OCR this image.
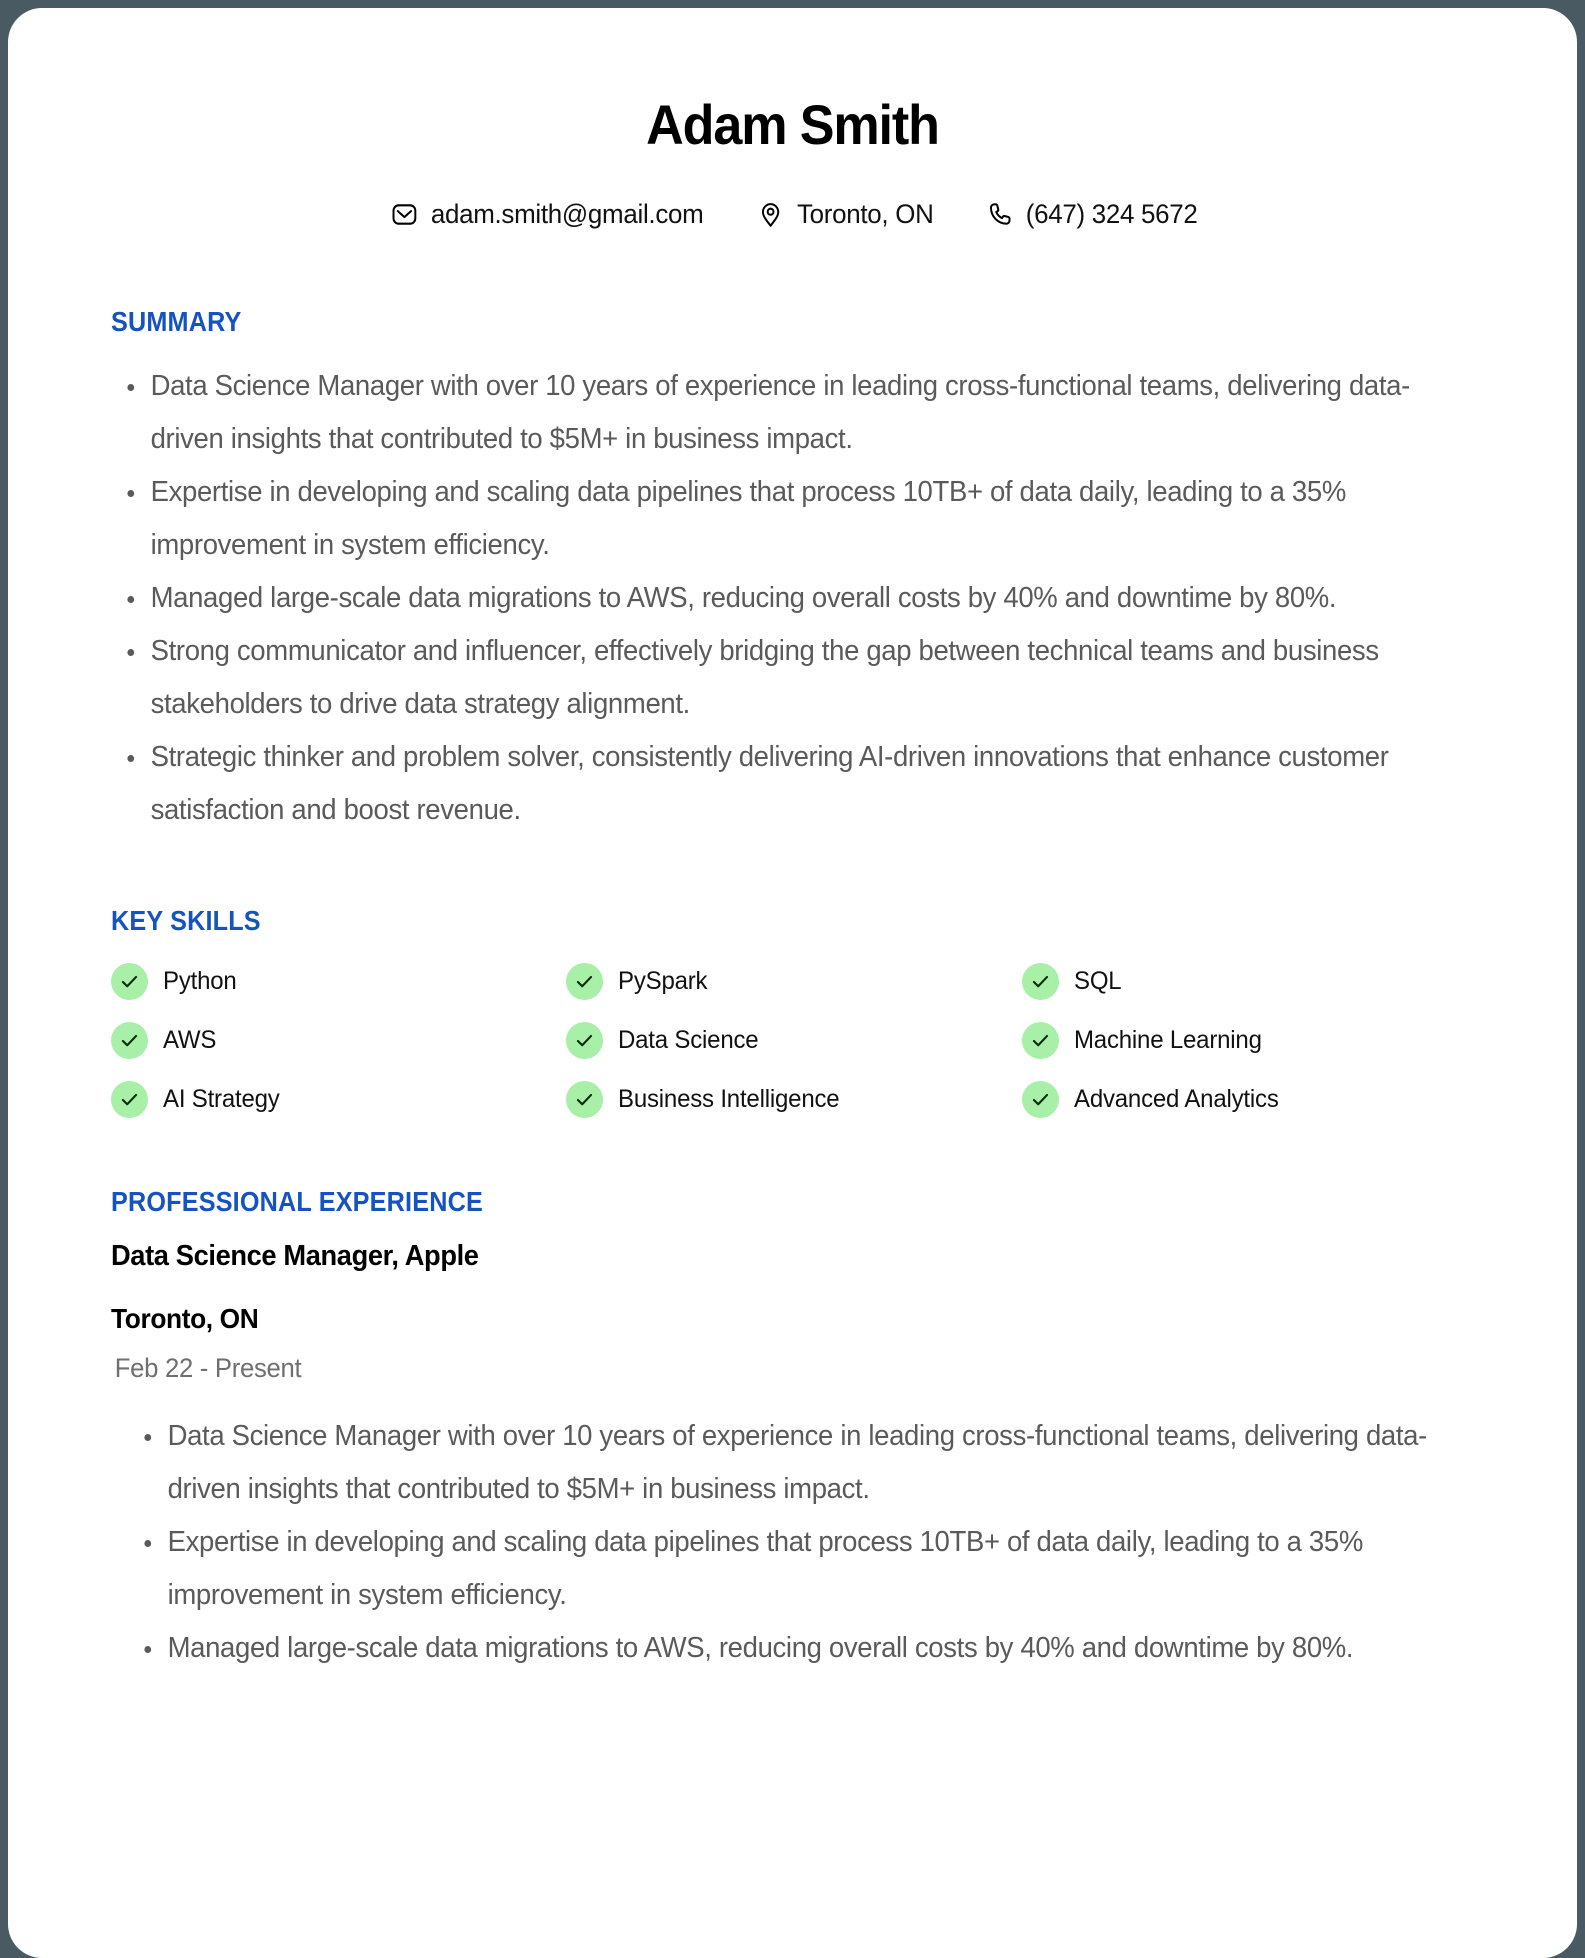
Adam Smith
adam.smith@gmail.com	Toronto, ON	(647) 324 5672
SUMMARY
Data Science Manager with over 10 years of experience in leading cross-functional teams, delivering data-driven insights that contributed to $5M+ in business impact.
Expertise in developing and scaling data pipelines that process 10TB+ of data daily, leading to a 35% improvement in system efficiency.
Managed large-scale data migrations to AWS, reducing overall costs by 40% and downtime by 80%.
Strong communicator and influencer, effectively bridging the gap between technical teams and business stakeholders to drive data strategy alignment.
Strategic thinker and problem solver, consistently delivering AI-driven innovations that enhance customer satisfaction and boost revenue.
KEY SKILLS
Python	PySpark	SQL
AWS	Data Science	Machine Learning
AI Strategy	Business Intelligence	Advanced Analytics
PROFESSIONAL EXPERIENCE
Data Science Manager, Apple
Toronto, ON
Feb 22 - Present
Data Science Manager with over 10 years of experience in leading cross-functional teams, delivering data-driven insights that contributed to $5M+ in business impact.
Expertise in developing and scaling data pipelines that process 10TB+ of data daily, leading to a 35% improvement in system efficiency.
Managed large-scale data migrations to AWS, reducing overall costs by 40% and downtime by 80%.
